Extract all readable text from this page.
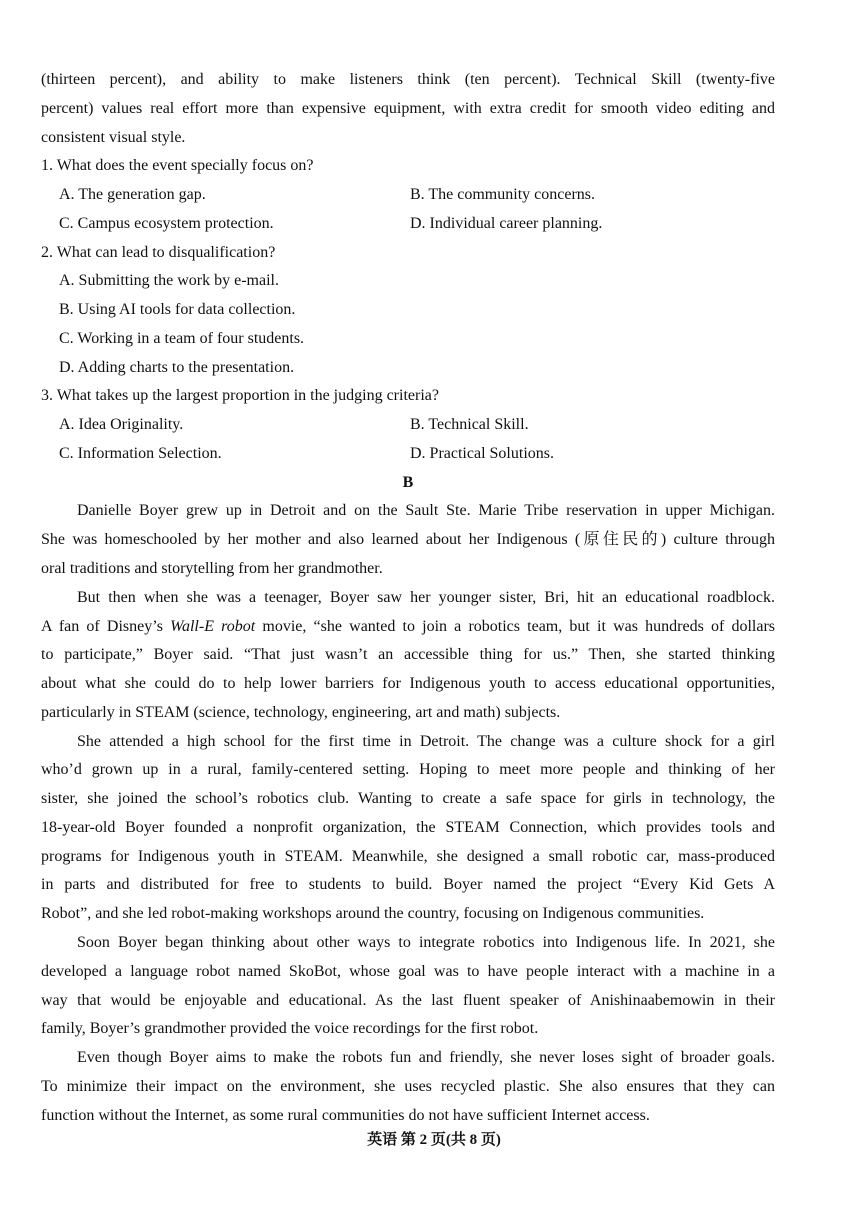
(thirteen percent), and ability to make listeners think (ten percent). Technical Skill (twenty-five
percent) values real effort more than expensive equipment, with extra credit for smooth video editing and
consistent visual style.
1. What does the event specially focus on?
A. The generation gap.	B. The community concerns.
C. Campus ecosystem protection.	D. Individual career planning.
2. What can lead to disqualification?
A. Submitting the work by e-mail.
B. Using AI tools for data collection.
C. Working in a team of four students.
D. Adding charts to the presentation.
3. What takes up the largest proportion in the judging criteria?
A. Idea Originality.	B. Technical Skill.
C. Information Selection.	D. Practical Solutions.
B
Danielle Boyer grew up in Detroit and on the Sault Ste. Marie Tribe reservation in upper Michigan.
She was homeschooled by her mother and also learned about her Indigenous (原住民的) culture through
oral traditions and storytelling from her grandmother.
But then when she was a teenager, Boyer saw her younger sister, Bri, hit an educational roadblock.
A fan of Disney’s Wall-E robot movie, “she wanted to join a robotics team, but it was hundreds of dollars
to participate,” Boyer said. “That just wasn’t an accessible thing for us.” Then, she started thinking
about what she could do to help lower barriers for Indigenous youth to access educational opportunities,
particularly in STEAM (science, technology, engineering, art and math) subjects.
She attended a high school for the first time in Detroit. The change was a culture shock for a girl
who’d grown up in a rural, family-centered setting. Hoping to meet more people and thinking of her
sister, she joined the school’s robotics club. Wanting to create a safe space for girls in technology, the
18-year-old Boyer founded a nonprofit organization, the STEAM Connection, which provides tools and
programs for Indigenous youth in STEAM. Meanwhile, she designed a small robotic car, mass-produced
in parts and distributed for free to students to build. Boyer named the project “Every Kid Gets A
Robot”, and she led robot-making workshops around the country, focusing on Indigenous communities.
Soon Boyer began thinking about other ways to integrate robotics into Indigenous life. In 2021, she
developed a language robot named SkoBot, whose goal was to have people interact with a machine in a
way that would be enjoyable and educational. As the last fluent speaker of Anishinaabemowin in their
family, Boyer’s grandmother provided the voice recordings for the first robot.
Even though Boyer aims to make the robots fun and friendly, she never loses sight of broader goals.
To minimize their impact on the environment, she uses recycled plastic. She also ensures that they can
function without the Internet, as some rural communities do not have sufficient Internet access.
英语 第 2 页(共 8 页)
